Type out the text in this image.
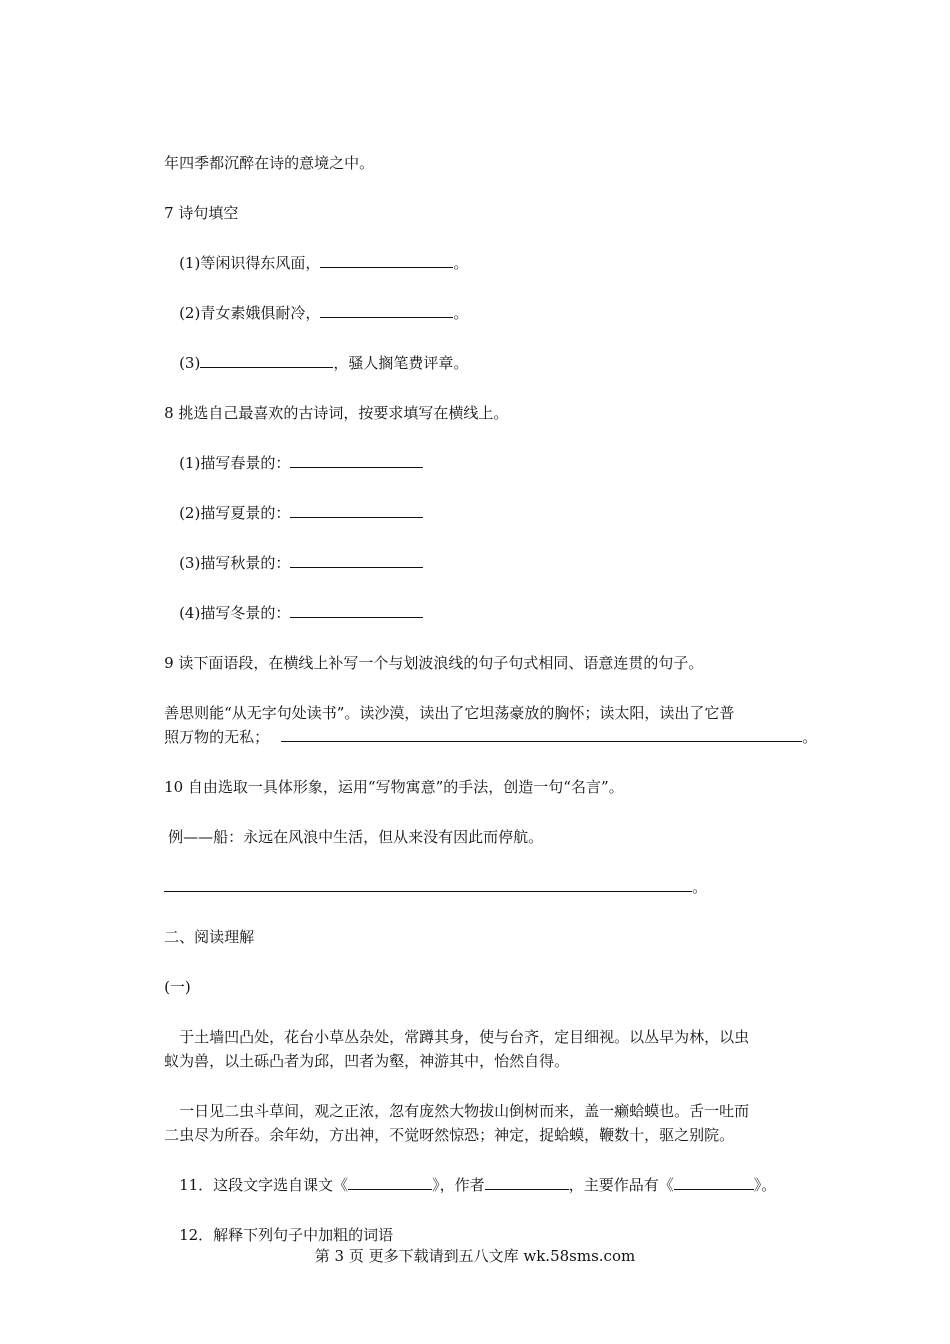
年四季都沉醉在诗的意境之中。

7 诗句填空

(1)等闲识得东风面，	。

(2)青女素娥俱耐冷，	。

(3)	，骚人搁笔费评章。

8 挑选自己最喜欢的古诗词，按要求填写在横线上。

(1)描写春景的：

(2)描写夏景的：

(3)描写秋景的：

(4)描写冬景的：

9 读下面语段，在横线上补写一个与划波浪线的句子句式相同、语意连贯的句子。

善思则能“从无字句处读书”。读沙漠，读出了它坦荡豪放的胸怀；读太阳，读出了它普

照万物的无私；	。

10 自由选取一具体形象，运用“写物寓意”的手法，创造一句“名言”。

例——船：永远在风浪中生活，但从来没有因此而停航。

。

二、阅读理解

(一)

于土墙凹凸处，花台小草丛杂处，常蹲其身，使与台齐，定目细视。以丛早为林，以虫

蚁为兽，以土砾凸者为邱，凹者为壑，神游其中，怡然自得。

一日见二虫斗草间，观之正浓，忽有庞然大物拔山倒树而来，盖一癞蛤蟆也。舌一吐而

二虫尽为所吞。余年幼，方出神，不觉呀然惊恐；神定，捉蛤蟆，鞭数十，驱之别院。

11．这段文字选自课文《	》，作者	，主要作品有《	》。

12．解释下列句子中加粗的词语

第 3 页 更多下载请到五八文库 wk.58sms.com
